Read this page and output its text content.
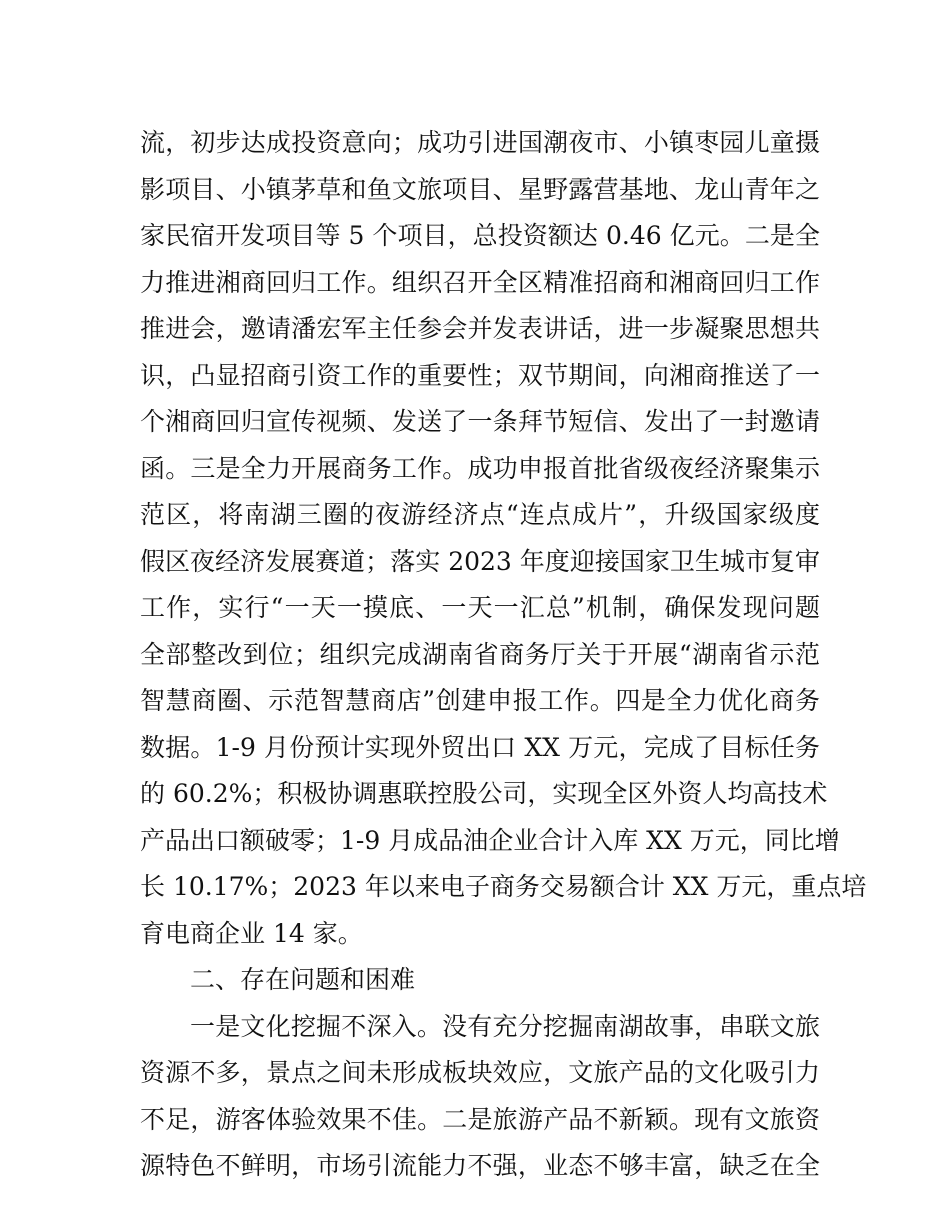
流，初步达成投资意向；成功引进国潮夜市、小镇枣园儿童摄
影项目、小镇茅草和鱼文旅项目、星野露营基地、龙山青年之
家民宿开发项目等 5 个项目，总投资额达 0.46 亿元。二是全
力推进湘商回归工作。组织召开全区精准招商和湘商回归工作
推进会，邀请潘宏军主任参会并发表讲话，进一步凝聚思想共
识，凸显招商引资工作的重要性；双节期间，向湘商推送了一
个湘商回归宣传视频、发送了一条拜节短信、发出了一封邀请
函。三是全力开展商务工作。成功申报首批省级夜经济聚集示
范区，将南湖三圈的夜游经济点“连点成片”，升级国家级度
假区夜经济发展赛道；落实 2023 年度迎接国家卫生城市复审
工作，实行“一天一摸底、一天一汇总”机制，确保发现问题
全部整改到位；组织完成湖南省商务厅关于开展“湖南省示范
智慧商圈、示范智慧商店”创建申报工作。四是全力优化商务
数据。1-9 月份预计实现外贸出口 XX 万元，完成了目标任务
的 60.2%；积极协调惠联控股公司，实现全区外资人均高技术
产品出口额破零；1-9 月成品油企业合计入库 XX 万元，同比增
长 10.17%；2023 年以来电子商务交易额合计 XX 万元，重点培
育电商企业 14 家。
二、存在问题和困难
一是文化挖掘不深入。没有充分挖掘南湖故事，串联文旅
资源不多，景点之间未形成板块效应，文旅产品的文化吸引力
不足，游客体验效果不佳。二是旅游产品不新颖。现有文旅资
源特色不鲜明，市场引流能力不强，业态不够丰富，缺乏在全
